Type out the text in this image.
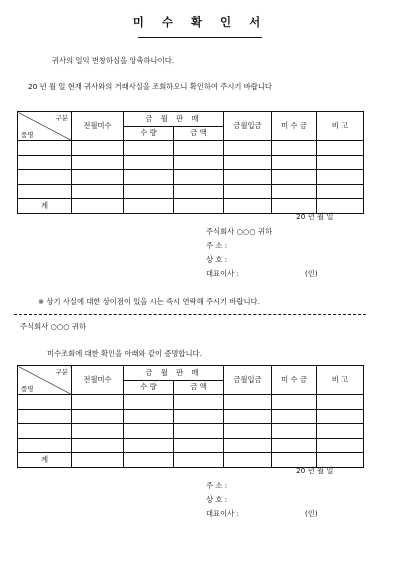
미 수 확 인 서
귀사의 일익 번창하심을 앙축하나이다.
20 년 월 일 현재 귀사와의 거래사실을 조회하오니 확인하여 주시기 바랍니다
구분
품명	전월미수	금 월 판 매		금월입금	미 수 금	비 고
		수 량	금 액			

계						
20 년 월 일
주식회사 ○○○ 귀하
주 소 :
상 호 :
대표이사 :	(인)
※ 상기 사실에 대한 상이점이 있을 시는 즉시 연락해 주시기 바랍니다.
주식회사 ○○○ 귀하
미수조회에 대한 확인을 아래와 같이 증명합니다.
구분
품명	전월미수	금 월 판 매		금월입금	미 수 금	비 고
		수 량	금 액			

계						
20 년 월 일
주 소 :
상 호 :
대표이사 :	(인)
